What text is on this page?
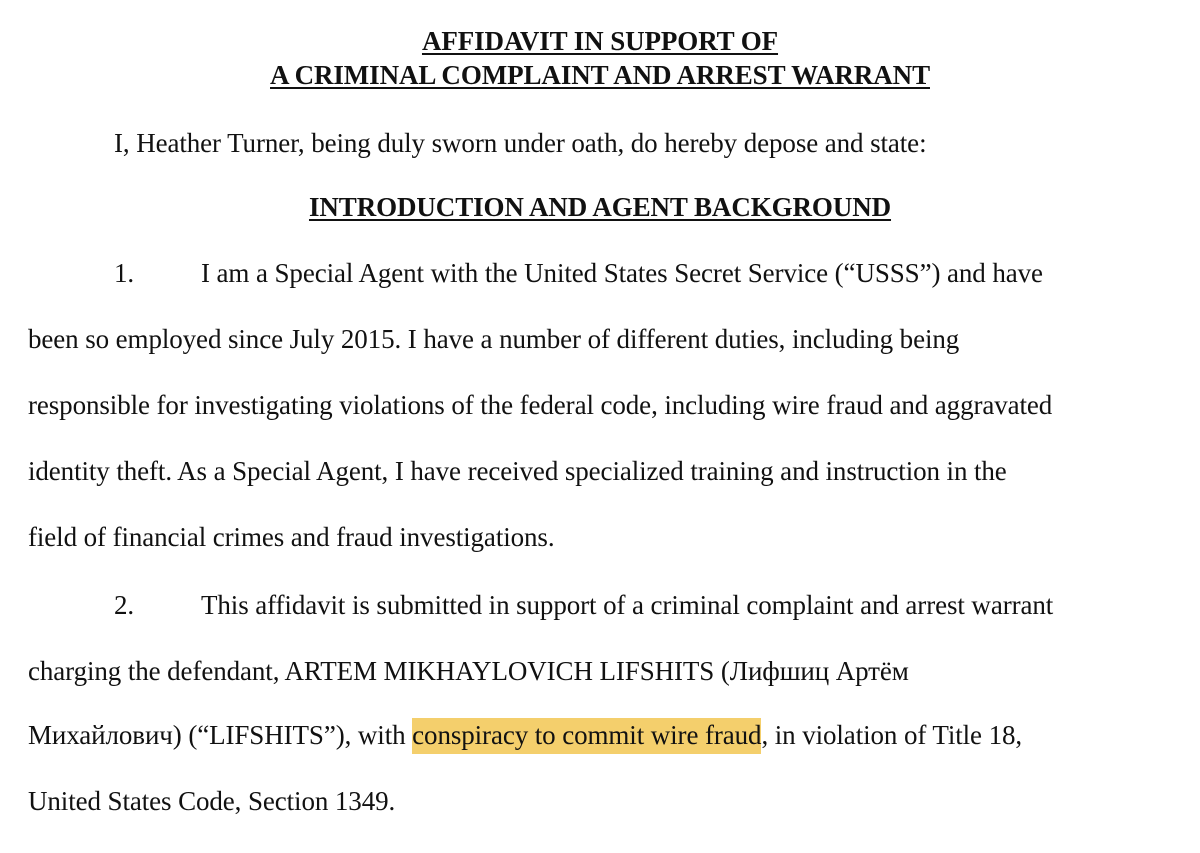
AFFIDAVIT IN SUPPORT OF
A CRIMINAL COMPLAINT AND ARREST WARRANT
I, Heather Turner, being duly sworn under oath, do hereby depose and state:
INTRODUCTION AND AGENT BACKGROUND
1. I am a Special Agent with the United States Secret Service (“USSS”) and have
been so employed since July 2015. I have a number of different duties, including being
responsible for investigating violations of the federal code, including wire fraud and aggravated
identity theft. As a Special Agent, I have received specialized training and instruction in the
field of financial crimes and fraud investigations.
2. This affidavit is submitted in support of a criminal complaint and arrest warrant
charging the defendant, ARTEM MIKHAYLOVICH LIFSHITS (Лифшиц Артём
Михайлович) (“LIFSHITS”), with conspiracy to commit wire fraud, in violation of Title 18,
United States Code, Section 1349.
